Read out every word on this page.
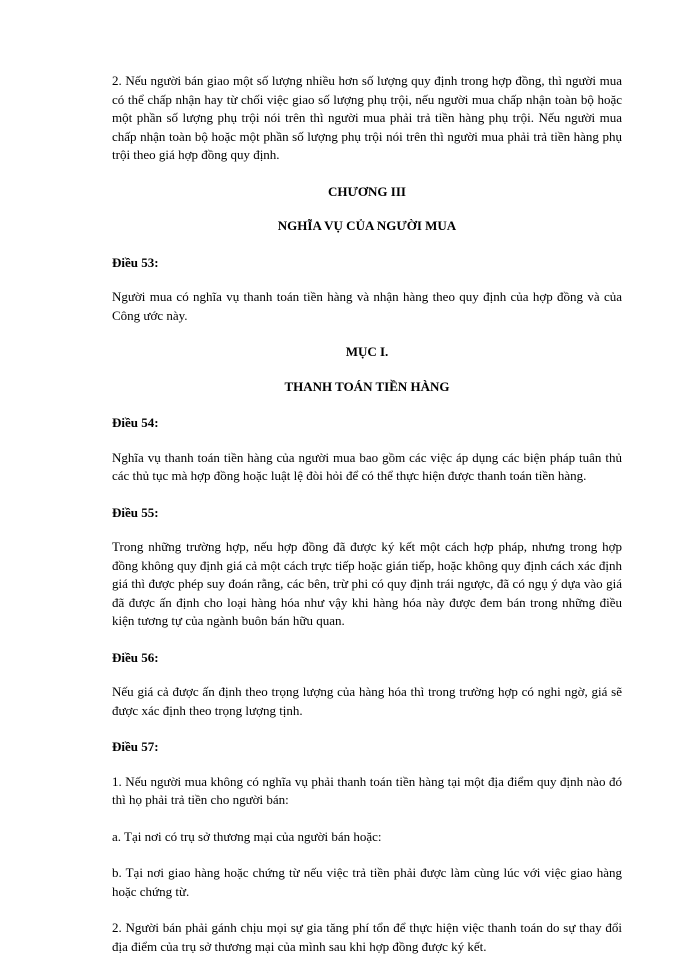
2. Nếu người bán giao một số lượng nhiều hơn số lượng quy định trong hợp đồng, thì người mua có thể chấp nhận hay từ chối việc giao số lượng phụ trội, nếu người mua chấp nhận toàn bộ hoặc một phần số lượng phụ trội nói trên thì người mua phải trả tiền hàng phụ trội. Nếu người mua chấp nhận toàn bộ hoặc một phần số lượng phụ trội nói trên thì người mua phải trả tiền hàng phụ trội theo giá hợp đồng quy định.

CHƯƠNG III

NGHĨA VỤ CỦA NGƯỜI MUA

Điều 53:

Người mua có nghĩa vụ thanh toán tiền hàng và nhận hàng theo quy định của hợp đồng và của Công ước này.

MỤC I.

THANH TOÁN TIỀN HÀNG

Điều 54:

Nghĩa vụ thanh toán tiền hàng của người mua bao gồm các việc áp dụng các biện pháp tuân thủ các thủ tục mà hợp đồng hoặc luật lệ đòi hỏi để có thể thực hiện được thanh toán tiền hàng.

Điều 55:

Trong những trường hợp, nếu hợp đồng đã được ký kết một cách hợp pháp, nhưng trong hợp đồng không quy định giá cả một cách trực tiếp hoặc gián tiếp, hoặc không quy định cách xác định giá thì được phép suy đoán rằng, các bên, trừ phi có quy định trái ngược, đã có ngụ ý dựa vào giá đã được ấn định cho loại hàng hóa như vậy khi hàng hóa này được đem bán trong những điều kiện tương tự của ngành buôn bán hữu quan.

Điều 56:

Nếu giá cả được ấn định theo trọng lượng của hàng hóa thì trong trường hợp có nghi ngờ, giá sẽ được xác định theo trọng lượng tịnh.

Điều 57:

1. Nếu người mua không có nghĩa vụ phải thanh toán tiền hàng tại một địa điểm quy định nào đó thì họ phải trả tiền cho người bán:

a. Tại nơi có trụ sở thương mại của người bán hoặc:

b. Tại nơi giao hàng hoặc chứng từ nếu việc trả tiền phải được làm cùng lúc với việc giao hàng hoặc chứng từ.

2. Người bán phải gánh chịu mọi sự gia tăng phí tổn để thực hiện việc thanh toán do sự thay đổi địa điểm của trụ sở thương mại của mình sau khi hợp đồng được ký kết.
